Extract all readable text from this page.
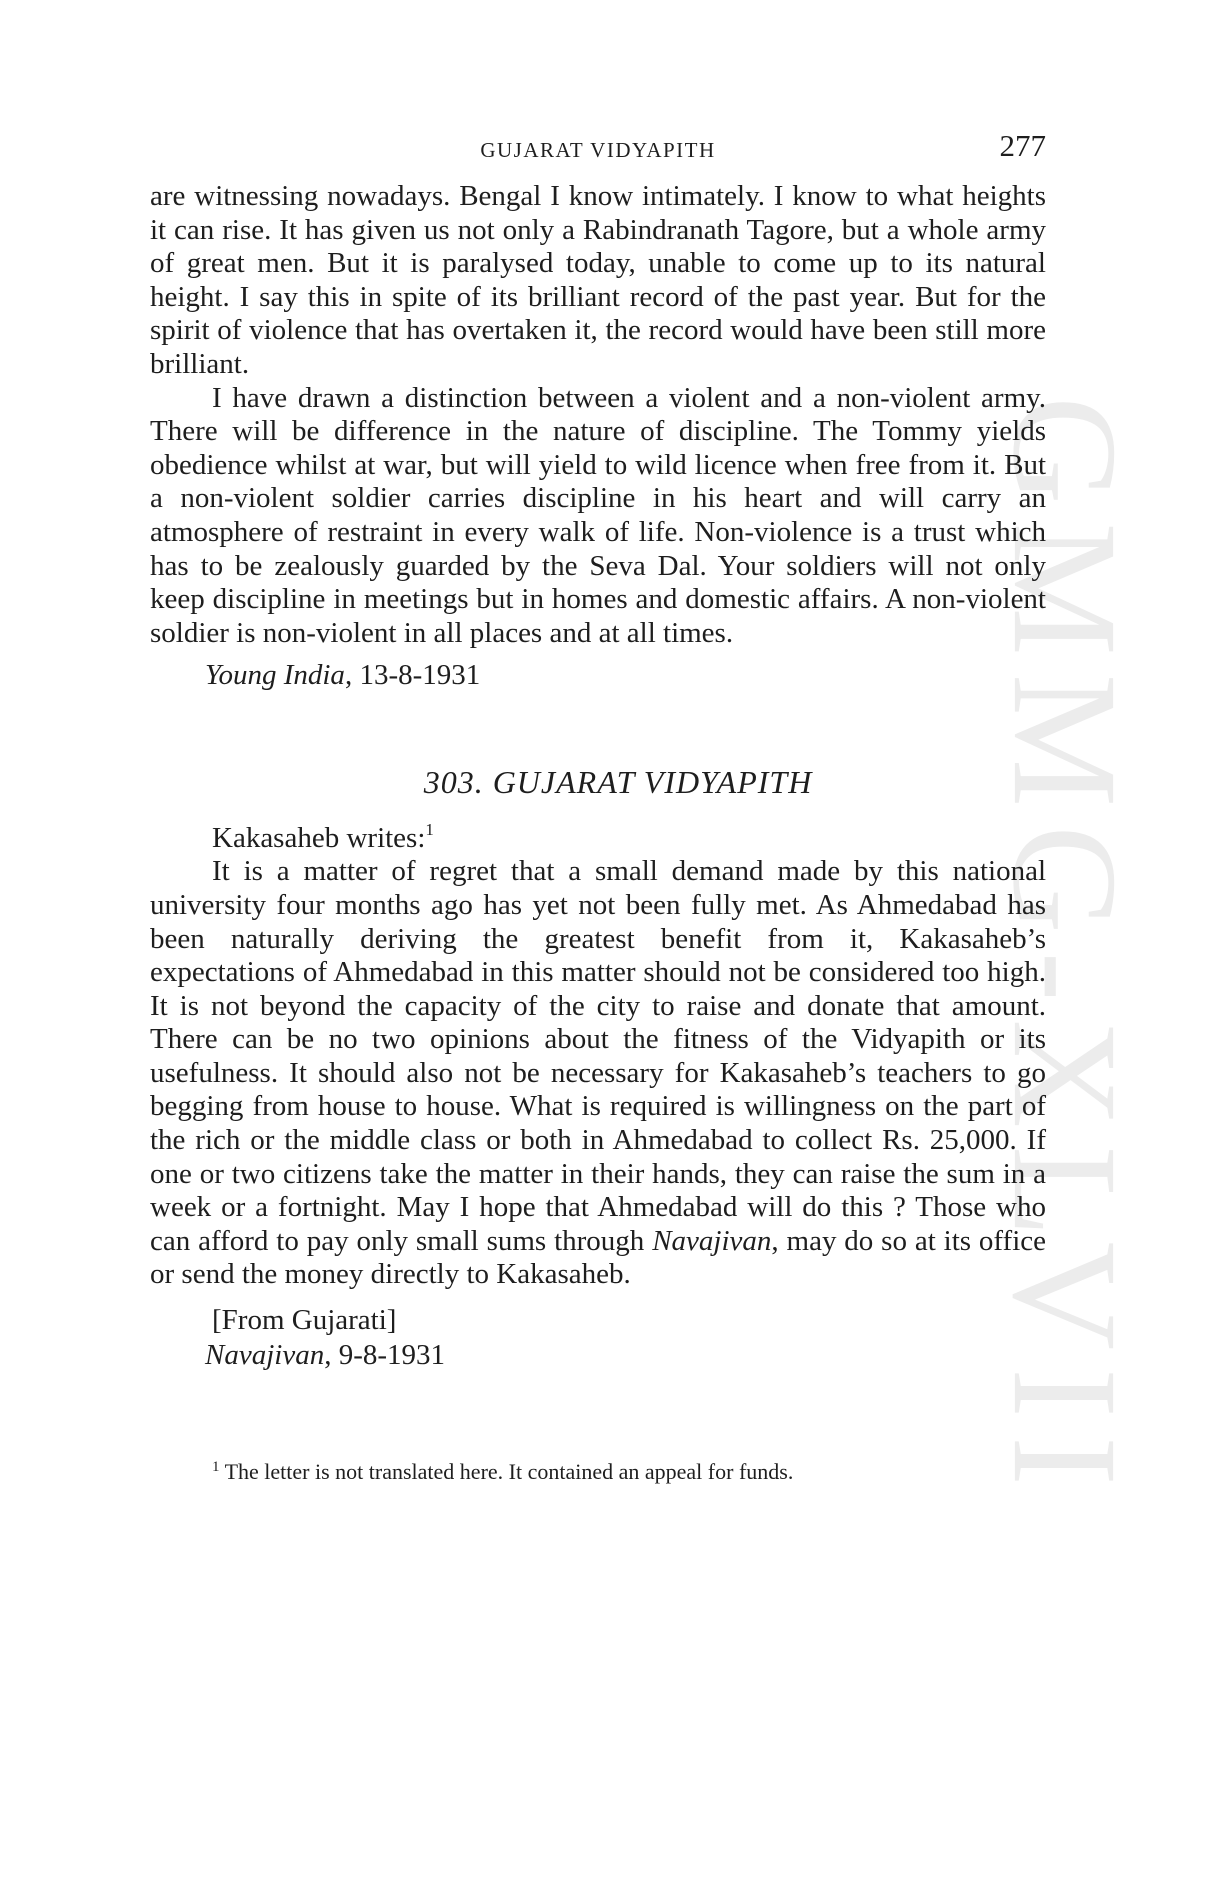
GMMG-XLVII
GUJARAT VIDYAPITH	277

are witnessing nowadays. Bengal I know intimately. I know to what heights it can rise. It has given us not only a Rabindranath Tagore, but a whole army of great men. But it is paralysed today, unable to come up to its natural height. I say this in spite of its brilliant record of the past year. But for the spirit of violence that has overtaken it, the record would have been still more brilliant.

I have drawn a distinction between a violent and a non-violent army. There will be difference in the nature of discipline. The Tommy yields obedience whilst at war, but will yield to wild licence when free from it. But a non-violent soldier carries discipline in his heart and will carry an atmosphere of restraint in every walk of life. Non-violence is a trust which has to be zealously guarded by the Seva Dal. Your soldiers will not only keep discipline in meetings but in homes and domestic affairs. A non-violent soldier is non-violent in all places and at all times.

Young India, 13-8-1931
303. GUJARAT VIDYAPITH
Kakasaheb writes:$^1$

It is a matter of regret that a small demand made by this national university four months ago has yet not been fully met. As Ahmedabad has been naturally deriving the greatest benefit from it, Kakasaheb’s expectations of Ahmedabad in this matter should not be considered too high. It is not beyond the capacity of the city to raise and donate that amount. There can be no two opinions about the fitness of the Vidyapith or its usefulness. It should also not be necessary for Kakasaheb’s teachers to go begging from house to house. What is required is willingness on the part of the rich or the middle class or both in Ahmedabad to collect Rs. 25,000. If one or two citizens take the matter in their hands, they can raise the sum in a week or a fortnight. May I hope that Ahmedabad will do this ? Those who can afford to pay only small sums through Navajivan, may do so at its office or send the money directly to Kakasaheb.

[From Gujarati]
Navajivan, 9-8-1931
$^1$ The letter is not translated here. It contained an appeal for funds.
